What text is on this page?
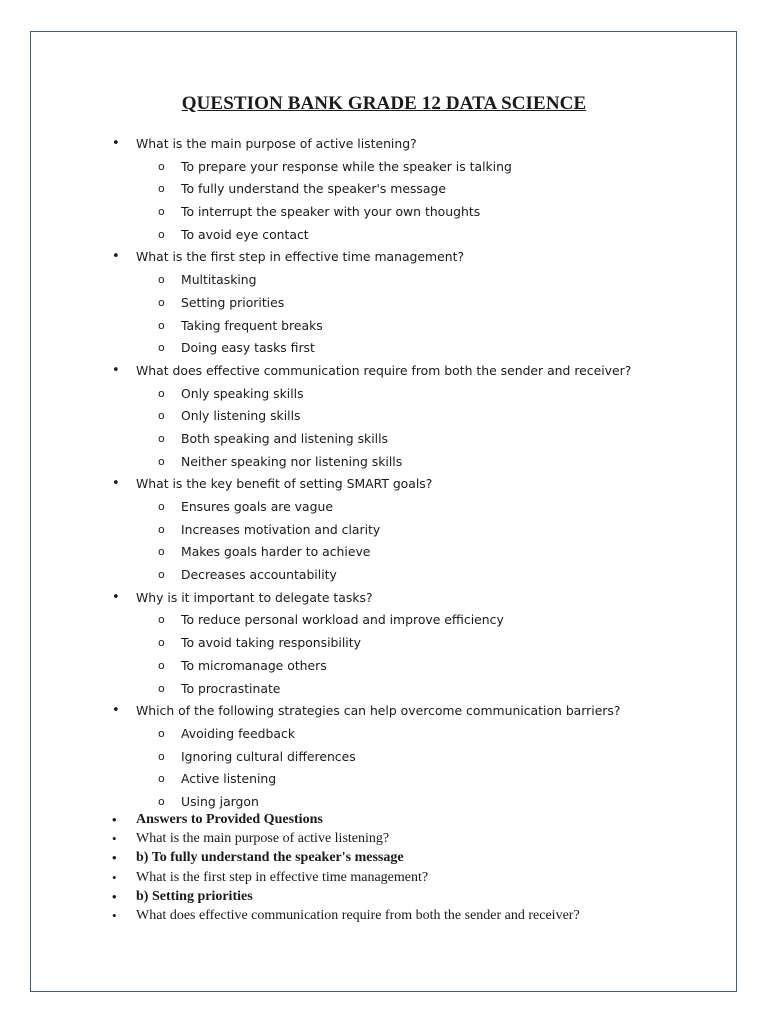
QUESTION BANK GRADE 12 DATA SCIENCE
• What is the main purpose of active listening?
o To prepare your response while the speaker is talking
o To fully understand the speaker's message
o To interrupt the speaker with your own thoughts
o To avoid eye contact
• What is the first step in effective time management?
o Multitasking
o Setting priorities
o Taking frequent breaks
o Doing easy tasks first
• What does effective communication require from both the sender and receiver?
o Only speaking skills
o Only listening skills
o Both speaking and listening skills
o Neither speaking nor listening skills
• What is the key benefit of setting SMART goals?
o Ensures goals are vague
o Increases motivation and clarity
o Makes goals harder to achieve
o Decreases accountability
• Why is it important to delegate tasks?
o To reduce personal workload and improve efficiency
o To avoid taking responsibility
o To micromanage others
o To procrastinate
• Which of the following strategies can help overcome communication barriers?
o Avoiding feedback
o Ignoring cultural differences
o Active listening
o Using jargon
• Answers to Provided Questions
• What is the main purpose of active listening?
• b) To fully understand the speaker's message
• What is the first step in effective time management?
• b) Setting priorities
• What does effective communication require from both the sender and receiver?
